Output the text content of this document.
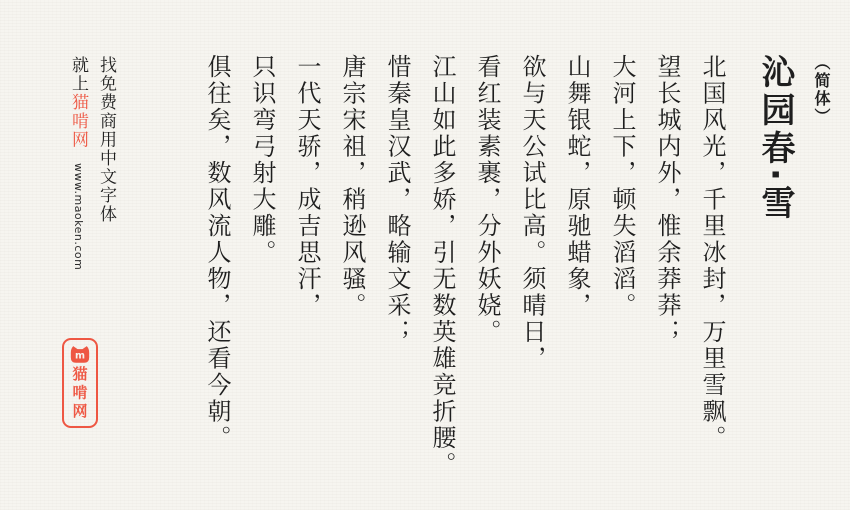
（简体）
沁园春·雪

北国风光，千里冰封，万里雪飘。

望长城内外，惟余莽莽；

大河上下，顿失滔滔。

山舞银蛇，原驰蜡象，

欲与天公试比高。须晴日，

看红装素裹，分外妖娆。

江山如此多娇，引无数英雄竞折腰。

惜秦皇汉武，略输文采；

唐宗宋祖，稍逊风骚。

一代天骄，成吉思汗，

只识弯弓射大雕。

俱往矣，数风流人物，还看今朝。

找免费商用中文字体
就上猫啃网www.maoken.com
m
猫啃网
